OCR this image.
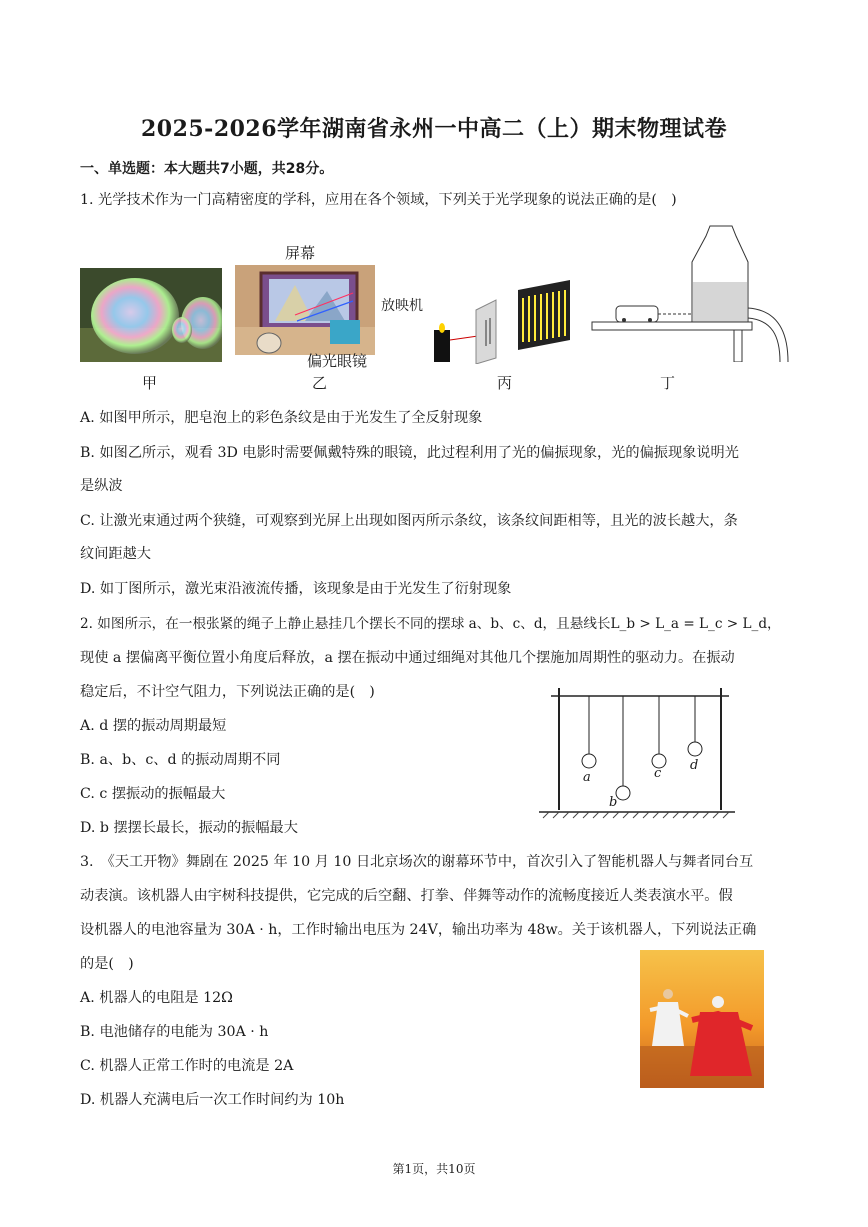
2025-2026学年湖南省永州一中高二（上）期末物理试卷
一、单选题：本大题共7小题，共28分。
1. 光学技术作为一门高精密度的学科，应用在各个领域，下列关于光学现象的说法正确的是(　)
屏幕
放映机
偏光眼镜
甲	乙	丙	丁
A. 如图甲所示，肥皂泡上的彩色条纹是由于光发生了全反射现象
B. 如图乙所示，观看 3D 电影时需要佩戴特殊的眼镜，此过程利用了光的偏振现象，光的偏振现象说明光
是纵波
C. 让激光束通过两个狭缝，可观察到光屏上出现如图丙所示条纹，该条纹间距相等，且光的波长越大，条
纹间距越大
D. 如丁图所示，激光束沿液流传播，该现象是由于光发生了衍射现象
2. 如图所示，在一根张紧的绳子上静止悬挂几个摆长不同的摆球 a、b、c、d，且悬线长L_b > L_a = L_c > L_d，
现使 a 摆偏离平衡位置小角度后释放，a 摆在振动中通过细绳对其他几个摆施加周期性的驱动力。在振动
稳定后，不计空气阻力，下列说法正确的是(　)
A. d 摆的振动周期最短
B. a、b、c、d 的振动周期不同
C. c 摆振动的振幅最大
D. b 摆摆长最长，振动的振幅最大
a
b
c
d
3.　《天工开物》舞剧在 2025 年 10 月 10 日北京场次的谢幕环节中，首次引入了智能机器人与舞者同台互
动表演。该机器人由宇树科技提供，它完成的后空翻、打拳、伴舞等动作的流畅度接近人类表演水平。假
设机器人的电池容量为 30A · h，工作时输出电压为 24V，输出功率为 48w。关于该机器人，下列说法正确
的是(　)
A. 机器人的电阻是 12Ω
B. 电池储存的电能为 30A · h
C. 机器人正常工作时的电流是 2A
D. 机器人充满电后一次工作时间约为 10h
第1页，共10页
